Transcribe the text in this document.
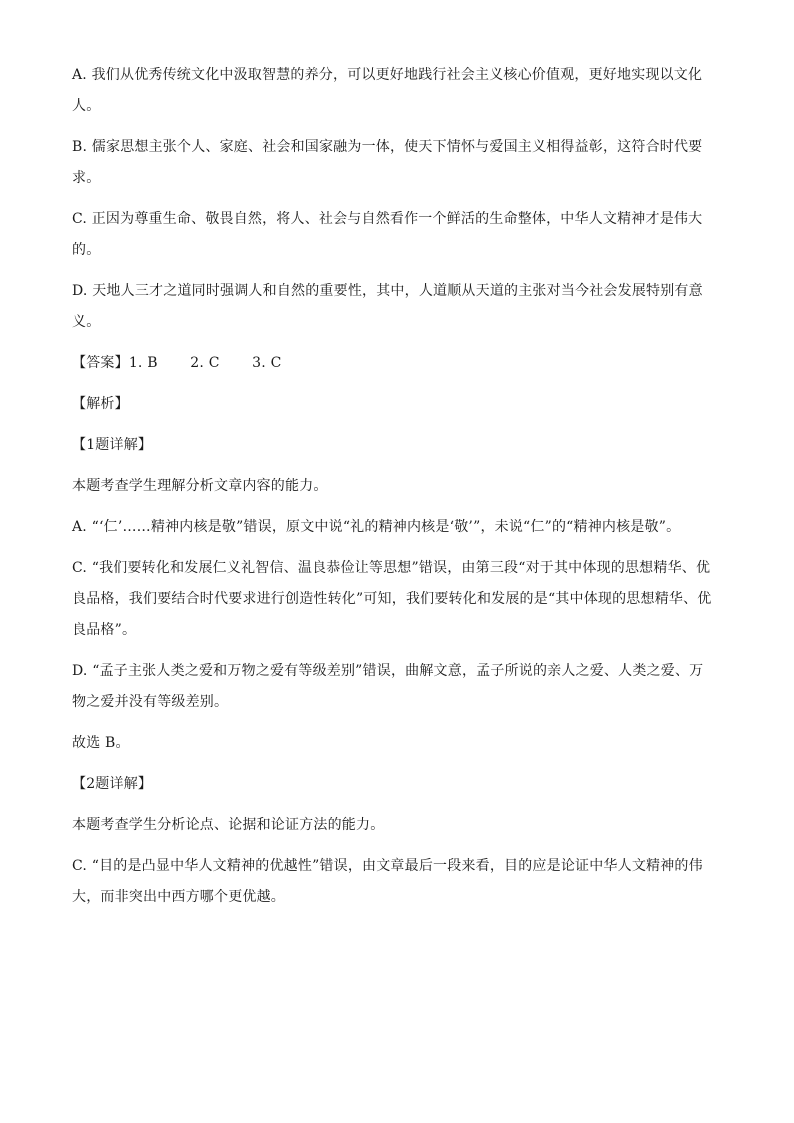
A. 我们从优秀传统文化中汲取智慧的养分，可以更好地践行社会主义核心价值观，更好地实现以文化人。

B. 儒家思想主张个人、家庭、社会和国家融为一体，使天下情怀与爱国主义相得益彰，这符合时代要求。

C. 正因为尊重生命、敬畏自然，将人、社会与自然看作一个鲜活的生命整体，中华人文精神才是伟大的。

D. 天地人三才之道同时强调人和自然的重要性，其中，人道顺从天道的主张对当今社会发展特别有意义。

【答案】1. B 2. C 3. C

【解析】

【1题详解】

本题考查学生理解分析文章内容的能力。

A. “‘仁’……精神内核是敬”错误，原文中说“礼的精神内核是‘敬’”，未说“仁”的“精神内核是敬”。

C. “我们要转化和发展仁义礼智信、温良恭俭让等思想”错误，由第三段“对于其中体现的思想精华、优良品格，我们要结合时代要求进行创造性转化”可知，我们要转化和发展的是“其中体现的思想精华、优良品格”。

D. “孟子主张人类之爱和万物之爱有等级差别”错误，曲解文意，孟子所说的亲人之爱、人类之爱、万物之爱并没有等级差别。

故选 B。

【2题详解】

本题考查学生分析论点、论据和论证方法的能力。

C. “目的是凸显中华人文精神的优越性”错误，由文章最后一段来看，目的应是论证中华人文精神的伟大，而非突出中西方哪个更优越。
